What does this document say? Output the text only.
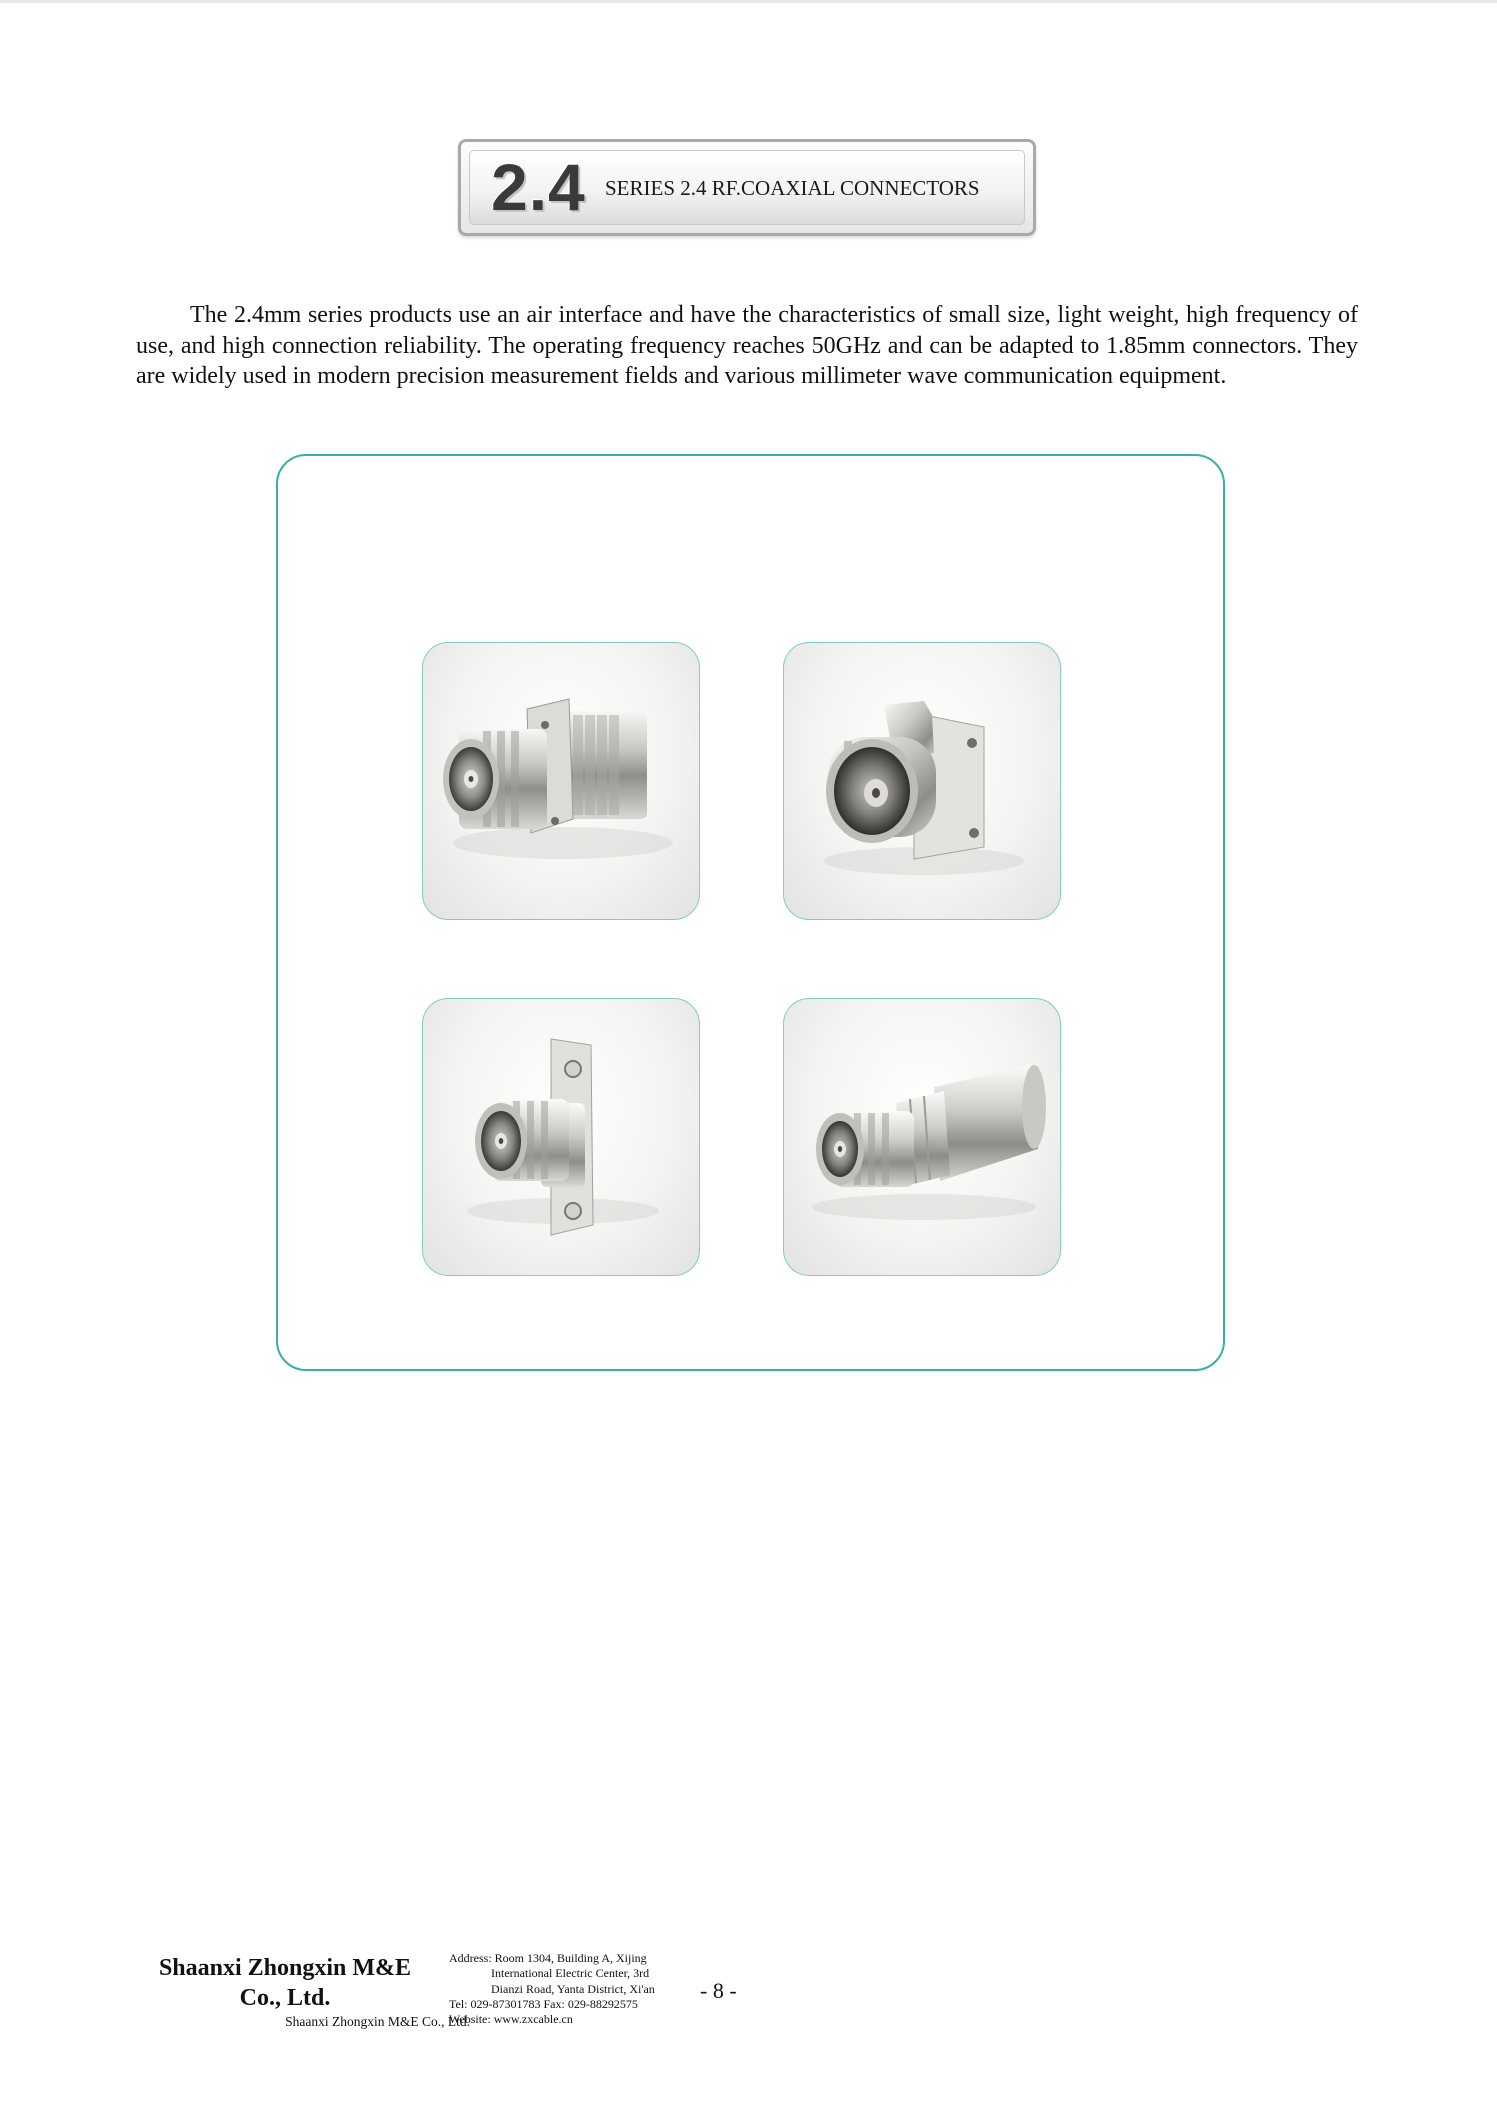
2.4 SERIES 2.4 RF.COAXIAL CONNECTORS

The 2.4mm series products use an air interface and have the characteristics of small size, light weight, high frequency of use, and high connection reliability. The operating frequency reaches 50GHz and can be adapted to 1.85mm connectors. They are widely used in modern precision measurement fields and various millimeter wave communication equipment.

Shaanxi Zhongxin M&E
Co., Ltd.

Shaanxi Zhongxin M&E Co., Ltd.
Address: Room 1304, Building A, Xijing
International Electric Center, 3rd
Dianzi Road, Yanta District, Xi'an
Tel: 029-87301783 Fax: 029-88292575
Website: www.zxcable.cn
- 8 -
